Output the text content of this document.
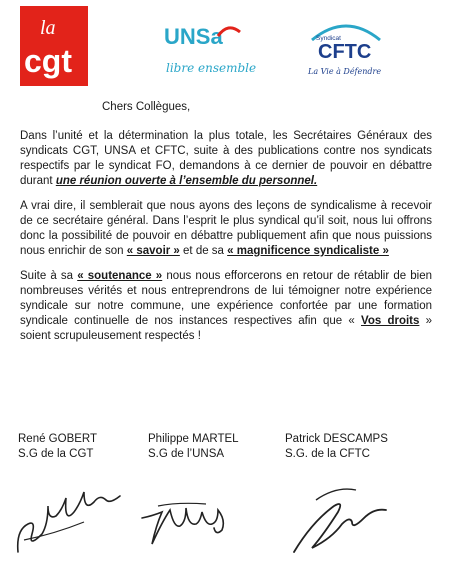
la
cgt
UNSa
libre ensemble
Syndicat
CFTC
La Vie à Défendre

Chers Collègues,

Dans l’unité et la détermination la plus totale, les Secrétaires Généraux des syndicats CGT, UNSA et CFTC, suite à des publications contre nos syndicats respectifs par le syndicat FO, demandons à ce dernier de pouvoir en débattre durant une réunion ouverte à l’ensemble du personnel.

A vrai dire, il semblerait que nous ayons des leçons de syndicalisme à recevoir de ce secrétaire général. Dans l’esprit le plus syndical qu’il soit, nous lui offrons donc la possibilité de pouvoir en débattre publiquement afin que nous puissions nous enrichir de son « savoir » et de sa « magnificence syndicaliste »

Suite à sa « soutenance » nous nous efforcerons en retour de rétablir de bien nombreuses vérités et nous entreprendrons de lui témoigner notre expérience syndicale sur notre commune, une expérience confortée par une formation syndicale continuelle de nos instances respectives afin que « Vos droits » soient scrupuleusement respectés !

René GOBERT
S.G de la CGT
Philippe MARTEL
S.G de l’UNSA
Patrick DESCAMPS
S.G. de la CFTC
